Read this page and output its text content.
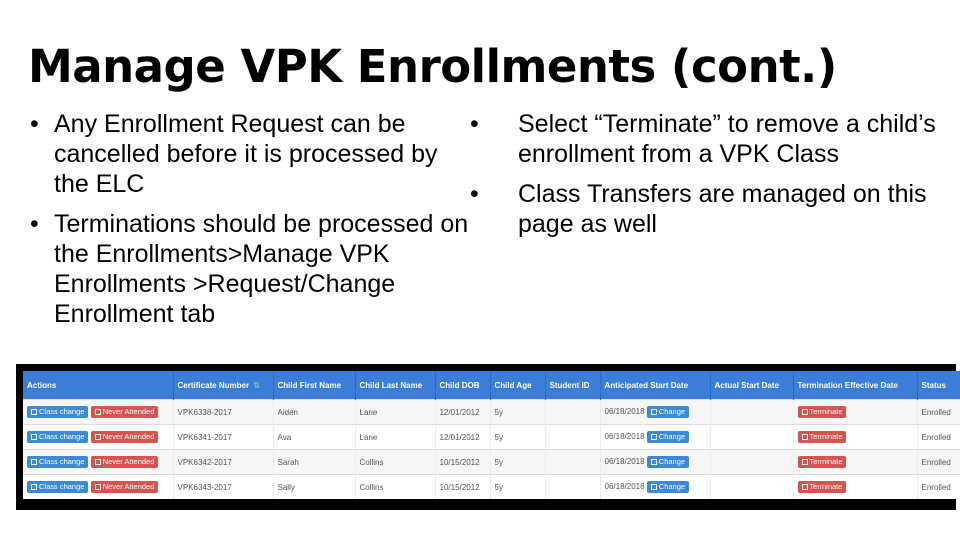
Manage VPK Enrollments (cont.)
• Any Enrollment Request can be cancelled before it is processed by the ELC
• Terminations should be processed on the Enrollments>Manage VPK Enrollments >Request/Change Enrollment tab
• Select “Terminate” to remove a child’s enrollment from a VPK Class
• Class Transfers are managed on this page as well
Actions	Certificate Number ⇅	Child First Name	Child Last Name	Child DOB	Child Age	Student ID	Anticipated Start Date	Actual Start Date	Termination Effective Date	Status
Class change Never Attended	VPK6338-2017	Aiden	Lane	12/01/2012	5y		06/18/2018 Change		Terminate	Enrolled
Class change Never Attended	VPK6341-2017	Ava	Lane	12/01/2012	5y		06/18/2018 Change		Terminate	Enrolled
Class change Never Attended	VPK6342-2017	Sarah	Collins	10/15/2012	5y		06/18/2018 Change		Terminate	Enrolled
Class change Never Attended	VPK6343-2017	Sally	Collins	10/15/2012	5y		06/18/2018 Change		Terminate	Enrolled
